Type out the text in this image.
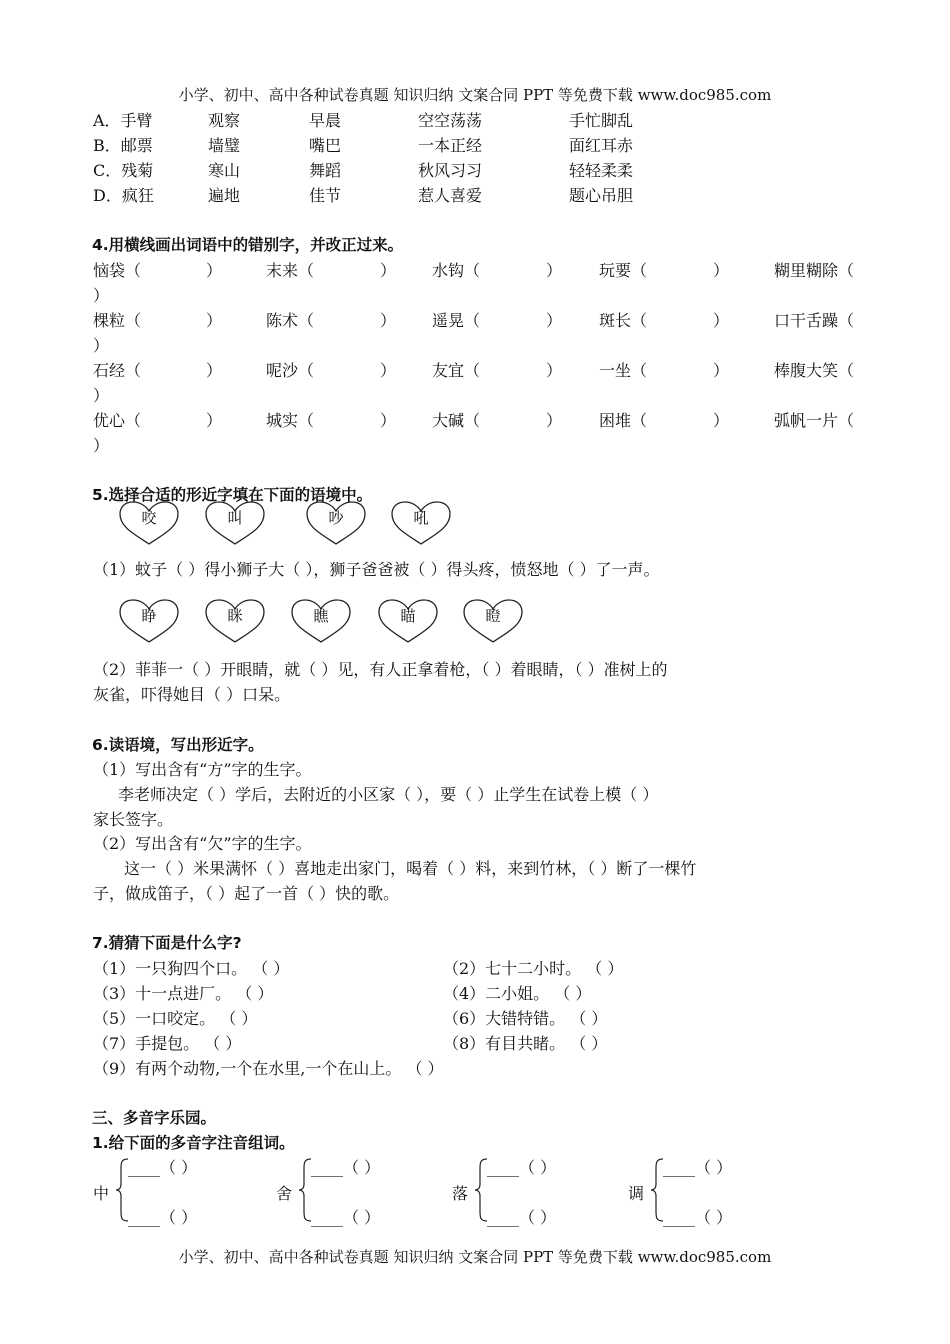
小学、初中、高中各种试卷真题 知识归纳 文案合同 PPT 等免费下载 www.doc985.com
A．手臂	观察	早晨	空空荡荡	手忙脚乱
B．邮票	墙璧	嘴巴	一本正经	面红耳赤
C．残菊	寒山	舞蹈	秋风习习	轻轻柔柔
D．疯狂	遍地	佳节	惹人喜爱	题心吊胆
4.用横线画出词语中的错别字，并改正过来。
恼袋（	）	末来（	） 水钩（	） 玩要（	）	糊里糊除（
）
棵粒（	）	陈术（	） 遥晃（	） 斑长（	）	口干舌躁（
）
石经（	）	呢沙（	） 友宜（	） 一坐（	）	棒腹大笑（
）
优心（	）	城实（	） 大碱（	） 困堆（	）	弧帆一片（
）
5.选择合适的形近字填在下面的语境中。
咬	叫	吵	吼
（1）蚊子（ ）得小狮子大（ ），狮子爸爸被（ ）得头疼，愤怒地（ ）了一声。
睁	眯	瞧	瞄	瞪
（2）菲菲一（ ）开眼睛，就（ ）见，有人正拿着枪，（ ）着眼睛，（ ）准树上的
灰雀，吓得她目（ ）口呆。
6.读语境，写出形近字。
（1）写出含有“方”字的生字。
李老师决定（ ）学后，去附近的小区家（ ），要（ ）止学生在试卷上模（ ）
家长签字。
（2）写出含有“欠”字的生字。
这一（ ）米果满怀（ ）喜地走出家门，喝着（ ）料，来到竹林，（ ）断了一棵竹
子，做成笛子，（ ）起了一首（ ）快的歌。
7.猜猜下面是什么字?
（1）一只狗四个口。 （ ）	（2）七十二小时。 （ ）
（3）十一点进厂。 （ ）	（4）二小姐。 （ ）
（5）一口咬定。 （ ）	（6）大错特错。 （ ）
（7）手提包。 （ ）	（8）有目共睹。 （ ）
（9）有两个动物,一个在水里,一个在山上。 （ ）
三、多音字乐园。
1.给下面的多音字注音组词。
中
____（ ）
____（ ）
舍
____（ ）
____（ ）
落
____（ ）
____（ ）
调
____（ ）
____（ ）
小学、初中、高中各种试卷真题 知识归纳 文案合同 PPT 等免费下载 www.doc985.com
